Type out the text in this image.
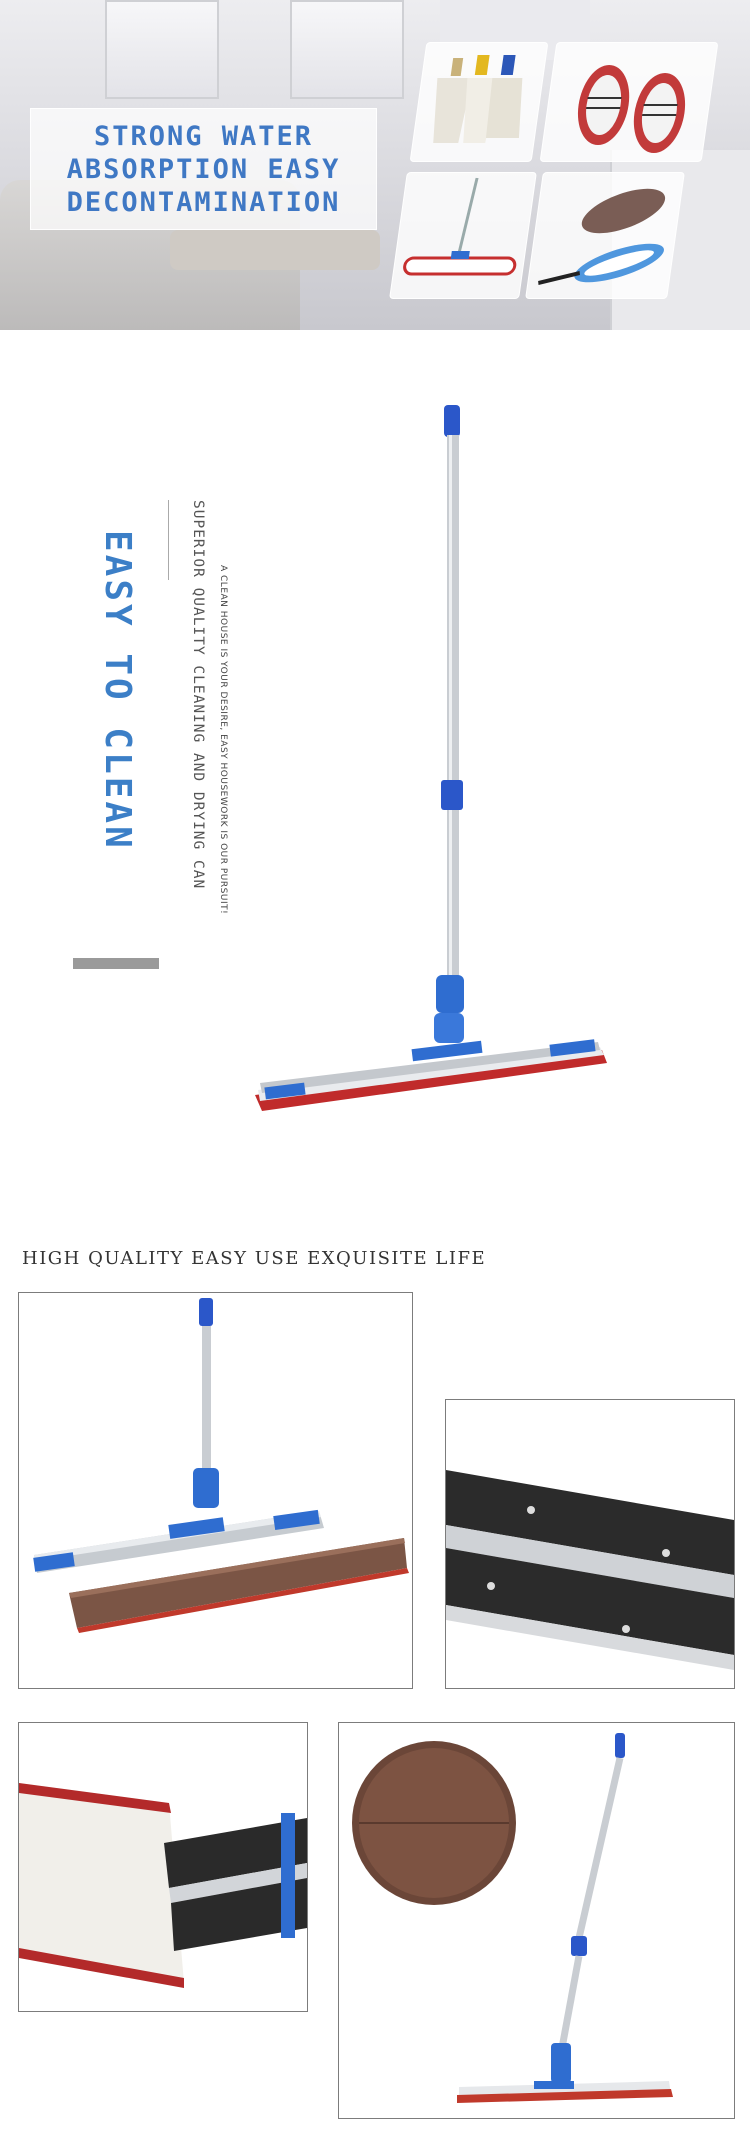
STRONG WATER
ABSORPTION EASY
DECONTAMINATION
EASY TO CLEAN	SUPERIOR QUALITY CLEANING AND DRYING CAN	A CLEAN HOUSE IS YOUR DESIRE, EASY HOUSEWORK IS OUR PURSUIT!
HIGH QUALITY EASY USE EXQUISITE LIFE
